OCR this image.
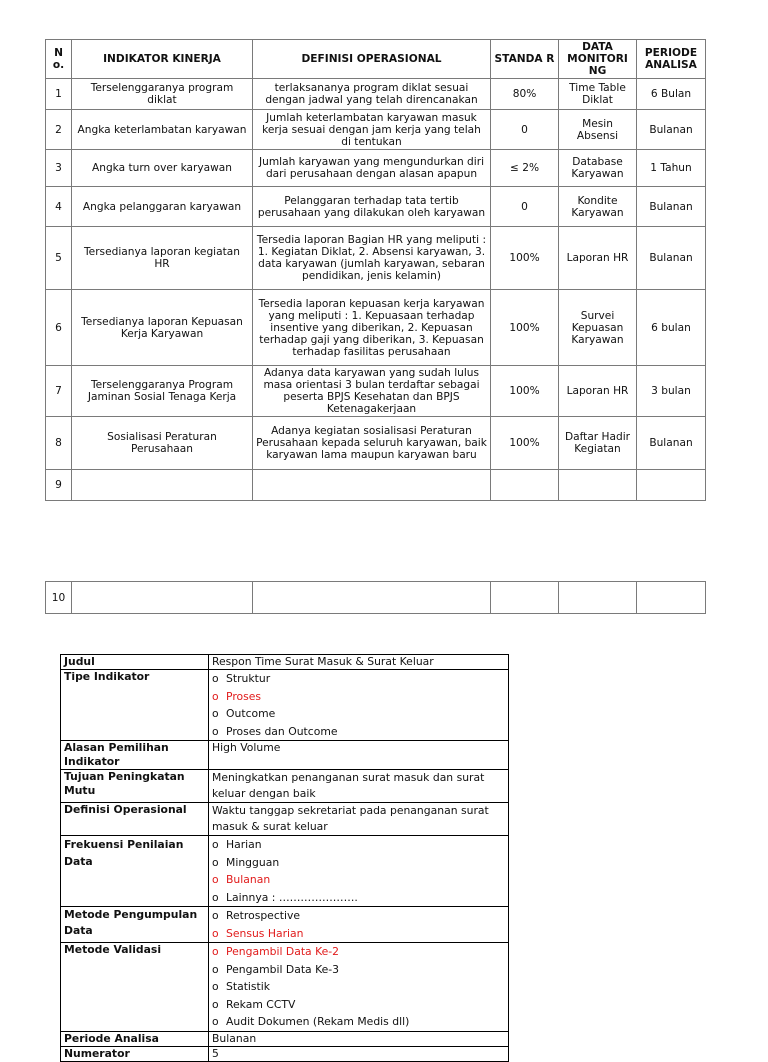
N o.	INDIKATOR KINERJA	DEFINISI OPERASIONAL	STANDA R	DATA MONITORI NG	PERIODE ANALISA
1	Terselenggaranya program diklat	terlaksananya program diklat sesuai dengan jadwal yang telah direncanakan	80%	Time Table Diklat	6 Bulan
2	Angka keterlambatan karyawan	Jumlah keterlambatan karyawan masuk kerja sesuai dengan jam kerja yang telah di tentukan	0	Mesin Absensi	Bulanan
3	Angka turn over karyawan	Jumlah karyawan yang mengundurkan diri dari perusahaan dengan alasan apapun	≤ 2%	Database Karyawan	1 Tahun
4	Angka pelanggaran karyawan	Pelanggaran terhadap tata tertib perusahaan yang dilakukan oleh karyawan	0	Kondite Karyawan	Bulanan
5	Tersedianya laporan kegiatan HR	Tersedia laporan Bagian HR yang meliputi : 1. Kegiatan Diklat, 2. Absensi karyawan, 3. data karyawan (jumlah karyawan, sebaran pendidikan, jenis kelamin)	100%	Laporan HR	Bulanan
6	Tersedianya laporan Kepuasan Kerja Karyawan	Tersedia laporan kepuasan kerja karyawan yang meliputi : 1. Kepuasaan terhadap insentive yang diberikan, 2. Kepuasan terhadap gaji yang diberikan, 3. Kepuasan terhadap fasilitas perusahaan	100%	Survei Kepuasan Karyawan	6 bulan
7	Terselenggaranya Program Jaminan Sosial Tenaga Kerja	Adanya data karyawan yang sudah lulus masa orientasi 3 bulan terdaftar sebagai peserta BPJS Kesehatan dan BPJS Ketenagakerjaan	100%	Laporan HR	3 bulan
8	Sosialisasi Peraturan Perusahaan	Adanya kegiatan sosialisasi Peraturan Perusahaan kepada seluruh karyawan, baik karyawan lama maupun karyawan baru	100%	Daftar Hadir Kegiatan	Bulanan
9					
10					
Judul	Respon Time Surat Masuk & Surat Keluar
Tipe Indikator	o Struktur
o Proses
o Outcome
o Proses dan Outcome

Alasan Pemilihan Indikator	High Volume
Tujuan Peningkatan Mutu	Meningkatkan penanganan surat masuk dan surat keluar dengan baik
Definisi Operasional	Waktu tanggap sekretariat pada penanganan surat masuk & surat keluar
Frekuensi Penilaian Data	o Harian
o Mingguan
o Bulanan
o Lainnya : ………………….

Metode Pengumpulan Data	o Retrospective
o Sensus Harian

Metode Validasi	o Pengambil Data Ke-2
o Pengambil Data Ke-3
o Statistik
o Rekam CCTV
o Audit Dokumen (Rekam Medis dll)

Periode Analisa	Bulanan
Numerator	5
